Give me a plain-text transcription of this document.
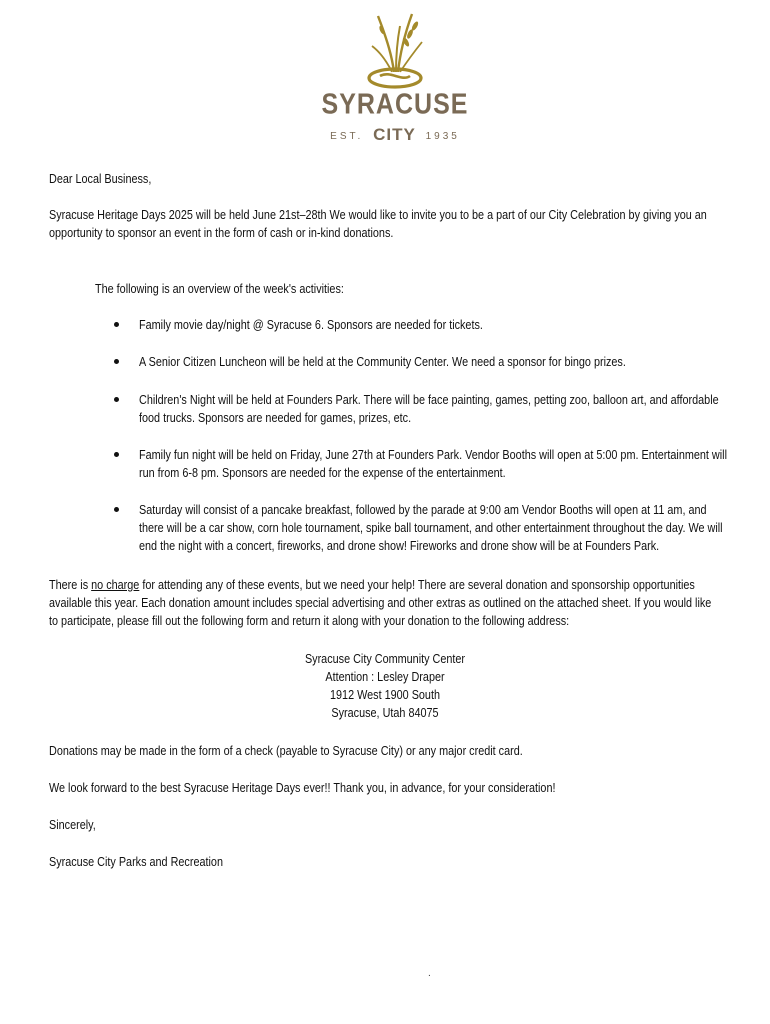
SYRACUSE
EST. CITY 1935
Dear Local Business,
Syracuse Heritage Days 2025 will be held June 21st–28th We would like to invite you to be a part of our City Celebration by giving you an opportunity to sponsor an event in the form of cash or in-kind donations.
The following is an overview of the week's activities:
Family movie day/night @ Syracuse 6. Sponsors are needed for tickets.
A Senior Citizen Luncheon will be held at the Community Center. We need a sponsor for bingo prizes.
Children's Night will be held at Founders Park. There will be face painting, games, petting zoo, balloon art, and affordable food trucks. Sponsors are needed for games, prizes, etc.
Family fun night will be held on Friday, June 27th at Founders Park. Vendor Booths will open at 5:00 pm. Entertainment will run from 6-8 pm. Sponsors are needed for the expense of the entertainment.
Saturday will consist of a pancake breakfast, followed by the parade at 9:00 am Vendor Booths will open at 11 am, and there will be a car show, corn hole tournament, spike ball tournament, and other entertainment throughout the day. We will end the night with a concert, fireworks, and drone show! Fireworks and drone show will be at Founders Park.
There is no charge for attending any of these events, but we need your help! There are several donation and sponsorship opportunities available this year. Each donation amount includes special advertising and other extras as outlined on the attached sheet. If you would like to participate, please fill out the following form and return it along with your donation to the following address:
Syracuse City Community Center
Attention : Lesley Draper
1912 West 1900 South
Syracuse, Utah 84075
Donations may be made in the form of a check (payable to Syracuse City) or any major credit card.
We look forward to the best Syracuse Heritage Days ever!! Thank you, in advance, for your consideration!
Sincerely,
Syracuse City Parks and Recreation
.
